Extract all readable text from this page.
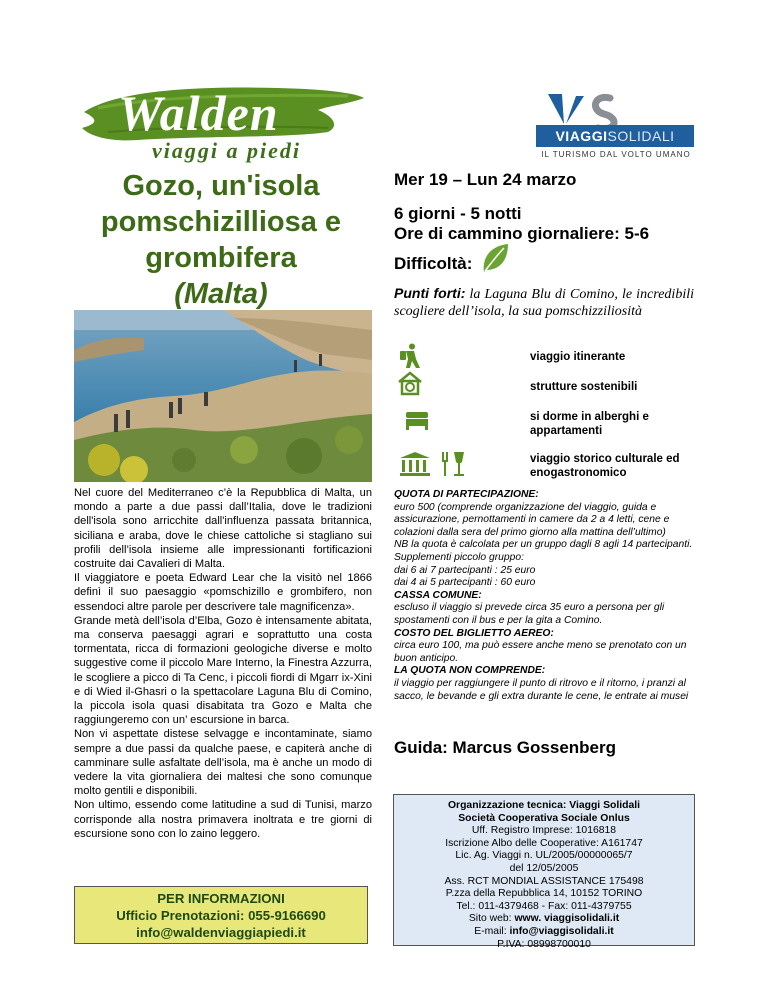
Walden
viaggi a piedi
VIAGGISOLIDALI
IL TURISMO DAL VOLTO UMANO
Gozo, un'isola
pomschizilliosa e
grombifera
(Malta)

Nel cuore del Mediterraneo c’è la Repubblica di Malta, un mondo a parte a due passi dall’Italia, dove le tradizioni dell'isola sono arricchite dall'influenza passata britannica, siciliana e araba, dove le chiese cattoliche si stagliano sui profili dell’isola insieme alle impressionanti fortificazioni costruite dai Cavalieri di Malta.

Il viaggiatore e poeta Edward Lear che la visitò nel 1866 definì il suo paesaggio «pomschizillo e grombifero, non essendoci altre parole per descrivere tale magnificenza».

Grande metà dell’isola d’Elba, Gozo è intensamente abitata, ma conserva paesaggi agrari e soprattutto una costa tormentata, ricca di formazioni geologiche diverse e molto suggestive come il piccolo Mare Interno, la Finestra Azzurra, le scogliere a picco di Ta Cenc, i piccoli fiordi di Mgarr ix-Xini e di Wied il-Ghasri o la spettacolare Laguna Blu di Comino, la piccola isola quasi disabitata tra Gozo e Malta che raggiungeremo con un’ escursione in barca.

Non vi aspettate distese selvagge e incontaminate, siamo sempre a due passi da qualche paese, e capiterà anche di camminare sulle asfaltate dell’isola, ma è anche un modo di vedere la vita giornaliera dei maltesi che sono comunque molto gentili e disponibili.

Non ultimo, essendo come latitudine a sud di Tunisi, marzo corrisponde alla nostra primavera inoltrata e tre giorni di escursione sono con lo zaino leggero.

PER INFORMAZIONI
Ufficio Prenotazioni: 055-9166690
info@waldenviaggiapiedi.it
Mer 19 – Lun 24 marzo
6 giorni - 5 notti
Ore di cammino giornaliere: 5-6
Difficoltà:
Punti forti: la Laguna Blu di Comino, le incredibili scogliere dell’isola, la sua pomschizziliosità
viaggio itinerante
strutture sostenibili
si dorme in alberghi e appartamenti
viaggio storico culturale ed enogastronomico

QUOTA DI PARTECIPAZIONE:

euro 500 (comprende organizzazione del viaggio, guida e assicurazione, pernottamenti in camere da 2 a 4 letti, cene e colazioni dalla sera del primo giorno alla mattina dell’ultimo)

NB la quota è calcolata per un gruppo dagli 8 agli 14 partecipanti. Supplementi piccolo gruppo:

dai 6 ai 7 partecipanti : 25 euro

dai 4 ai 5 partecipanti : 60 euro

CASSA COMUNE:

escluso il viaggio si prevede circa 35 euro a persona per gli spostamenti con il bus e per la gita a Comino.

COSTO DEL BIGLIETTO AEREO:

circa euro 100, ma può essere anche meno se prenotato con un buon anticipo.

LA QUOTA NON COMPRENDE:

il viaggio per raggiungere il punto di ritrovo e il ritorno, i pranzi al sacco, le bevande e gli extra durante le cene, le entrate ai musei

Guida: Marcus Gossenberg
Organizzazione tecnica: Viaggi Solidali
Società Cooperativa Sociale Onlus
Uff. Registro Imprese: 1016818
Iscrizione Albo delle Cooperative: A161747
Lic. Ag. Viaggi n. UL/2005/00000065/7
del 12/05/2005
Ass. RCT MONDIAL ASSISTANCE 175498
P.zza della Repubblica 14, 10152 TORINO
Tel.: 011-4379468 - Fax: 011-4379755
Sito web: www. viaggisolidali.it
E-mail: info@viaggisolidali.it
P.IVA: 08998700010
